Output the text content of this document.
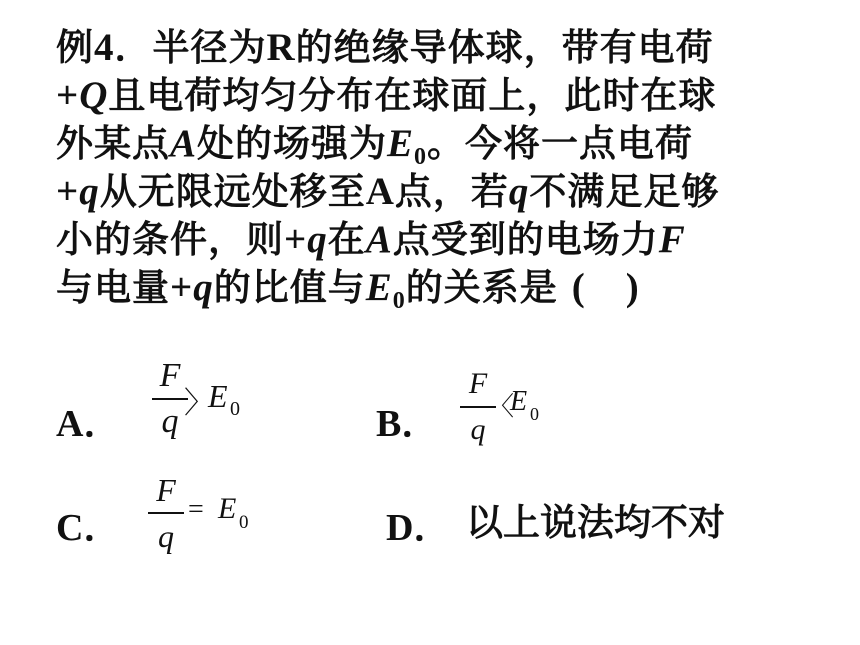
例4．半径为R的绝缘导体球，带有电荷
+Q且电荷均匀分布在球面上，此时在球
外某点A处的场强为$E_0$。今将一点电荷
+q从无限远处移至A点，若q不满足足够
小的条件，则+q在A点受到的电场力F
与电量+q的比值与$E_0$的关系是 (　)
A．
F
q 〉
E 0	B．
F
q
〈
E 0
C．
F
q
= E 0	D． 以上说法均不对
